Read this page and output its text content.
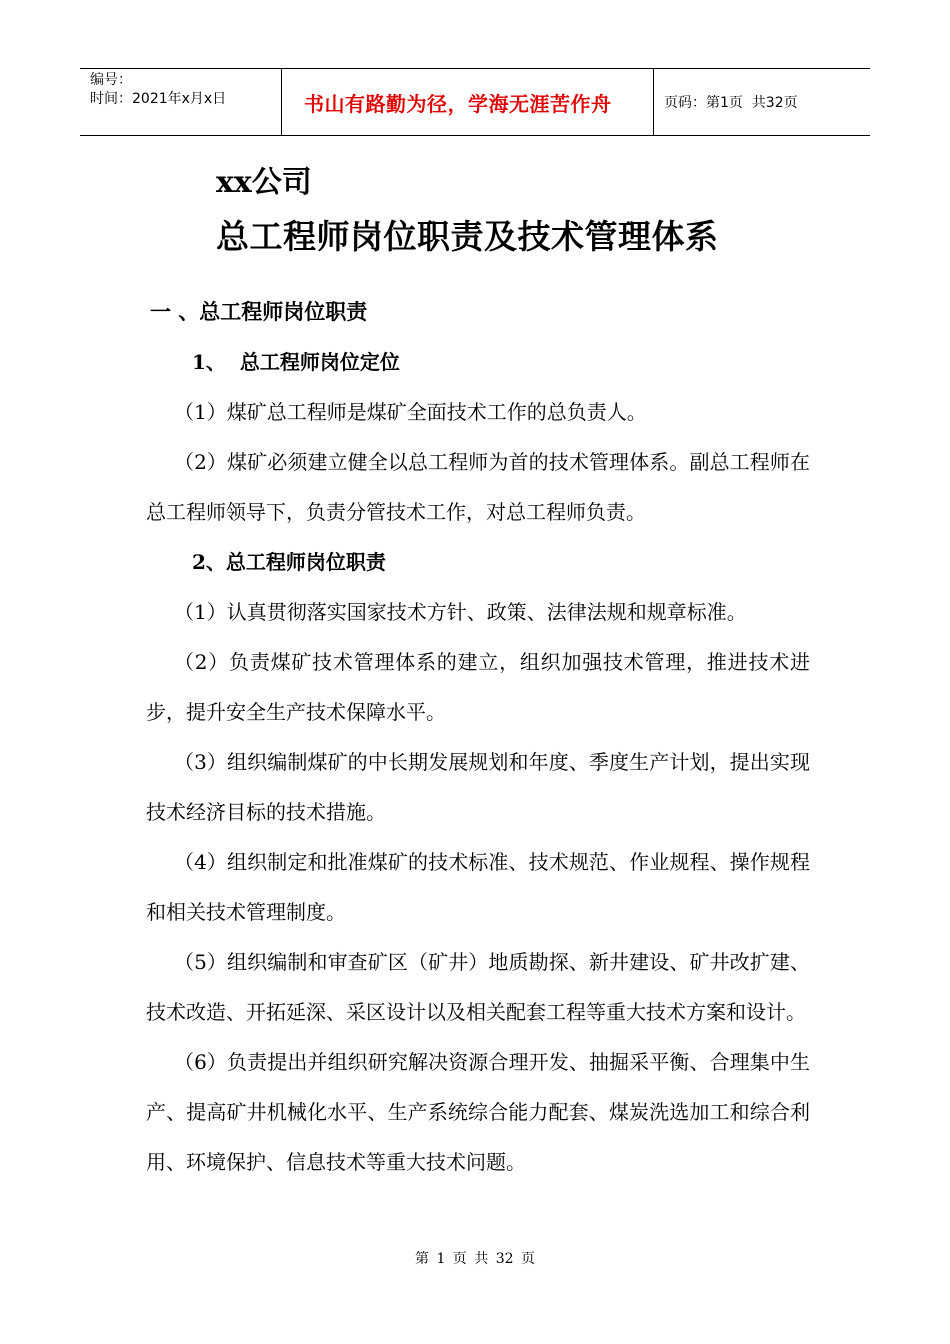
编号：
时间：2021年x月x日	书山有路勤为径，学海无涯苦作舟	页码：第1页  共32页
xx公司
总工程师岗位职责及技术管理体系

一 、总工程师岗位职责

1、  总工程师岗位定位

（1）煤矿总工程师是煤矿全面技术工作的总负责人。

（2）煤矿必须建立健全以总工程师为首的技术管理体系。副总工程师在总工程师领导下，负责分管技术工作，对总工程师负责。

2、总工程师岗位职责

（1）认真贯彻落实国家技术方针、政策、法律法规和规章标准。

（2）负责煤矿技术管理体系的建立，组织加强技术管理，推进技术进步，提升安全生产技术保障水平。

（3）组织编制煤矿的中长期发展规划和年度、季度生产计划，提出实现技术经济目标的技术措施。

（4）组织制定和批准煤矿的技术标准、技术规范、作业规程、操作规程和相关技术管理制度。

（5）组织编制和审查矿区（矿井）地质勘探、新井建设、矿井改扩建、技术改造、开拓延深、采区设计以及相关配套工程等重大技术方案和设计。

（6）负责提出并组织研究解决资源合理开发、抽掘采平衡、合理集中生产、提高矿井机械化水平、生产系统综合能力配套、煤炭洗选加工和综合利用、环境保护、信息技术等重大技术问题。

第 1 页 共 32 页
